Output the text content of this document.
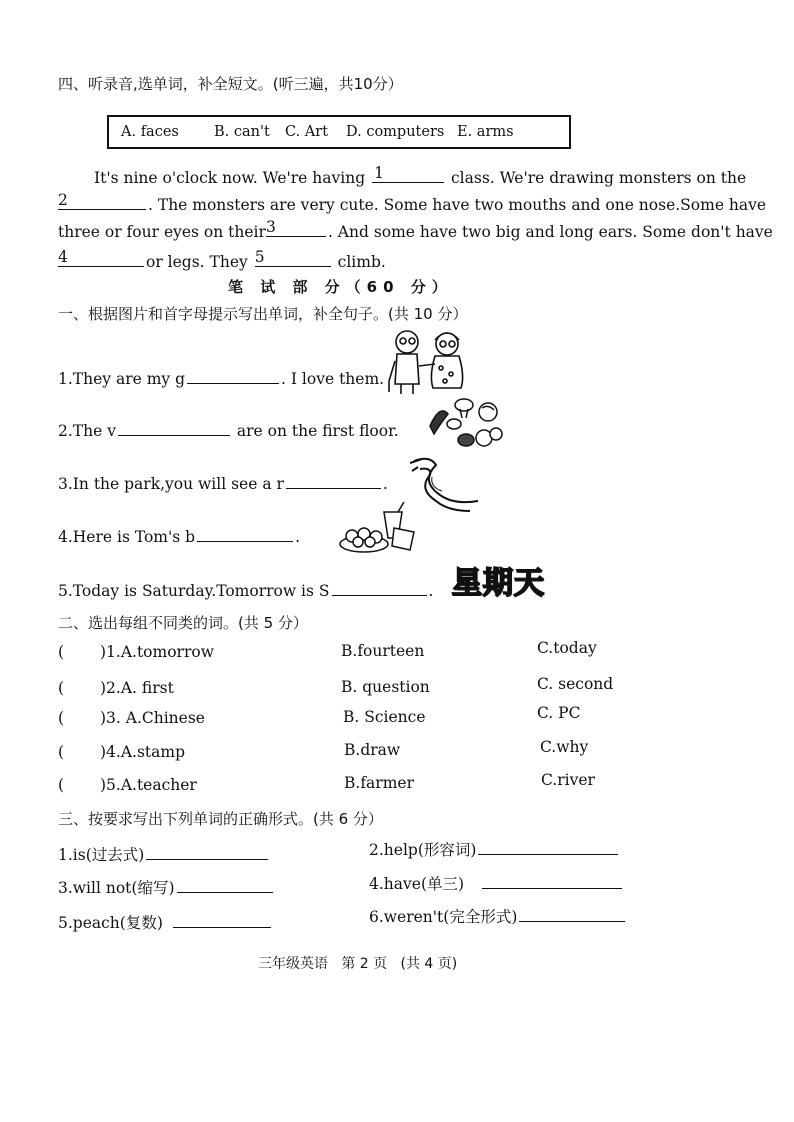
四、听录音,选单词，补全短文。(听三遍，共10分）
A. faces B. can't C. Art D. computers E. arms
It's nine o'clock now. We're having 1	class. We're drawing monsters on the
2	. The monsters are very cute. Some have two mouths and one nose.Some have
three or four eyes on their 3	. And some have two big and long ears. Some don't have
4	or legs. They 5	climb.
笔 试 部 分（60 分）
一、根据图片和首字母提示写出单词，补全句子。(共 10 分）
1.They are my g	. I love them.
2.The v	are on the first floor.
3.In the park,you will see a r	.
4.Here is Tom's b	.
5.Today is Saturday.Tomorrow is S	. 星期天
二、选出每组不同类的词。(共 5 分）
( )1.A.tomorrow	B.fourteen	C.today
( )2.A. first	B. question	C. second
( )3. A.Chinese	B. Science	C. PC
( )4.A.stamp	B.draw	C.why
( )5.A.teacher	B.farmer	C.river
三、按要求写出下列单词的正确形式。(共 6 分）
1.is(过去式)	2.help(形容词)
3.will not(缩写)	4.have(单三)
5.peach(复数)	6.weren't(完全形式)
三年级英语   第 2 页   (共 4 页)
